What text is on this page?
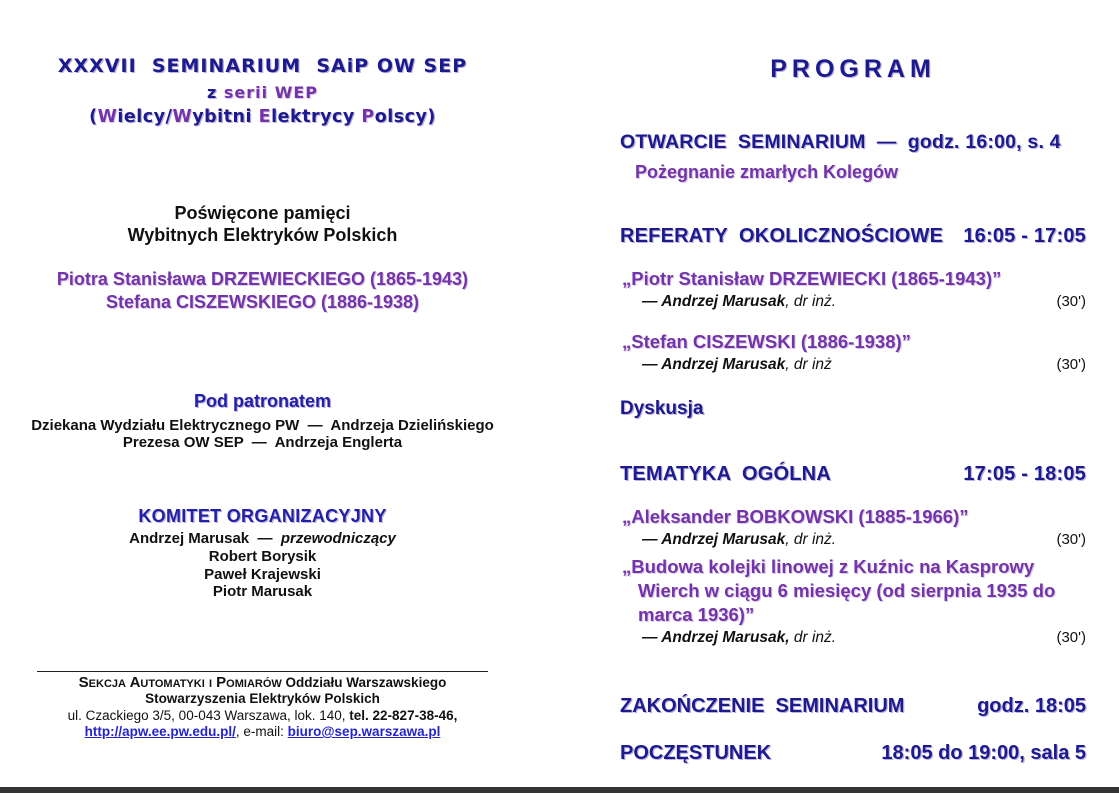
XXXVII  SEMINARIUM  SAiP OW SEP
z serii WEP
(Wielcy/Wybitni Elektrycy Polscy)
Poświęcone pamięci
Wybitnych Elektryków Polskich
Piotra Stanisława DRZEWIECKIEGO (1865-1943)
Stefana CISZEWSKIEGO (1886-1938)
Pod patronatem
Dziekana Wydziału Elektrycznego PW  —  Andrzeja Dzielińskiego
Prezesa OW SEP  —  Andrzeja Englerta
KOMITET ORGANIZACYJNY
Andrzej Marusak  —  przewodniczący
Robert Borysik
Paweł Krajewski
Piotr Marusak
Sekcja Automatyki i Pomiarów Oddziału Warszawskiego
Stowarzyszenia Elektryków Polskich
ul. Czackiego 3/5, 00-043 Warszawa, lok. 140, tel. 22-827-38-46,
http://apw.ee.pw.edu.pl/, e-mail: biuro@sep.warszawa.pl
PROGRAM
OTWARCIE  SEMINARIUM  —  godz. 16:00, s. 4
Pożegnanie zmarłych Kolegów
REFERATY  OKOLICZNOŚCIOWE 16:05 - 17:05
„Piotr Stanisław DRZEWIECKI (1865-1943)”
— Andrzej Marusak, dr inż.	(30')
„Stefan CISZEWSKI (1886-1938)”
— Andrzej Marusak, dr inż	(30')
Dyskusja
TEMATYKA  OGÓLNA	17:05 - 18:05
„Aleksander BOBKOWSKI (1885-1966)”
— Andrzej Marusak, dr inż.	(30')
„Budowa kolejki linowej z Kuźnic na Kasprowy Wierch w ciągu 6 miesięcy (od sierpnia 1935 do marca 1936)”
— Andrzej Marusak, dr inż.	(30')
ZAKOŃCZENIE  SEMINARIUM	godz. 18:05
POCZĘSTUNEK	18:05 do 19:00, sala 5
